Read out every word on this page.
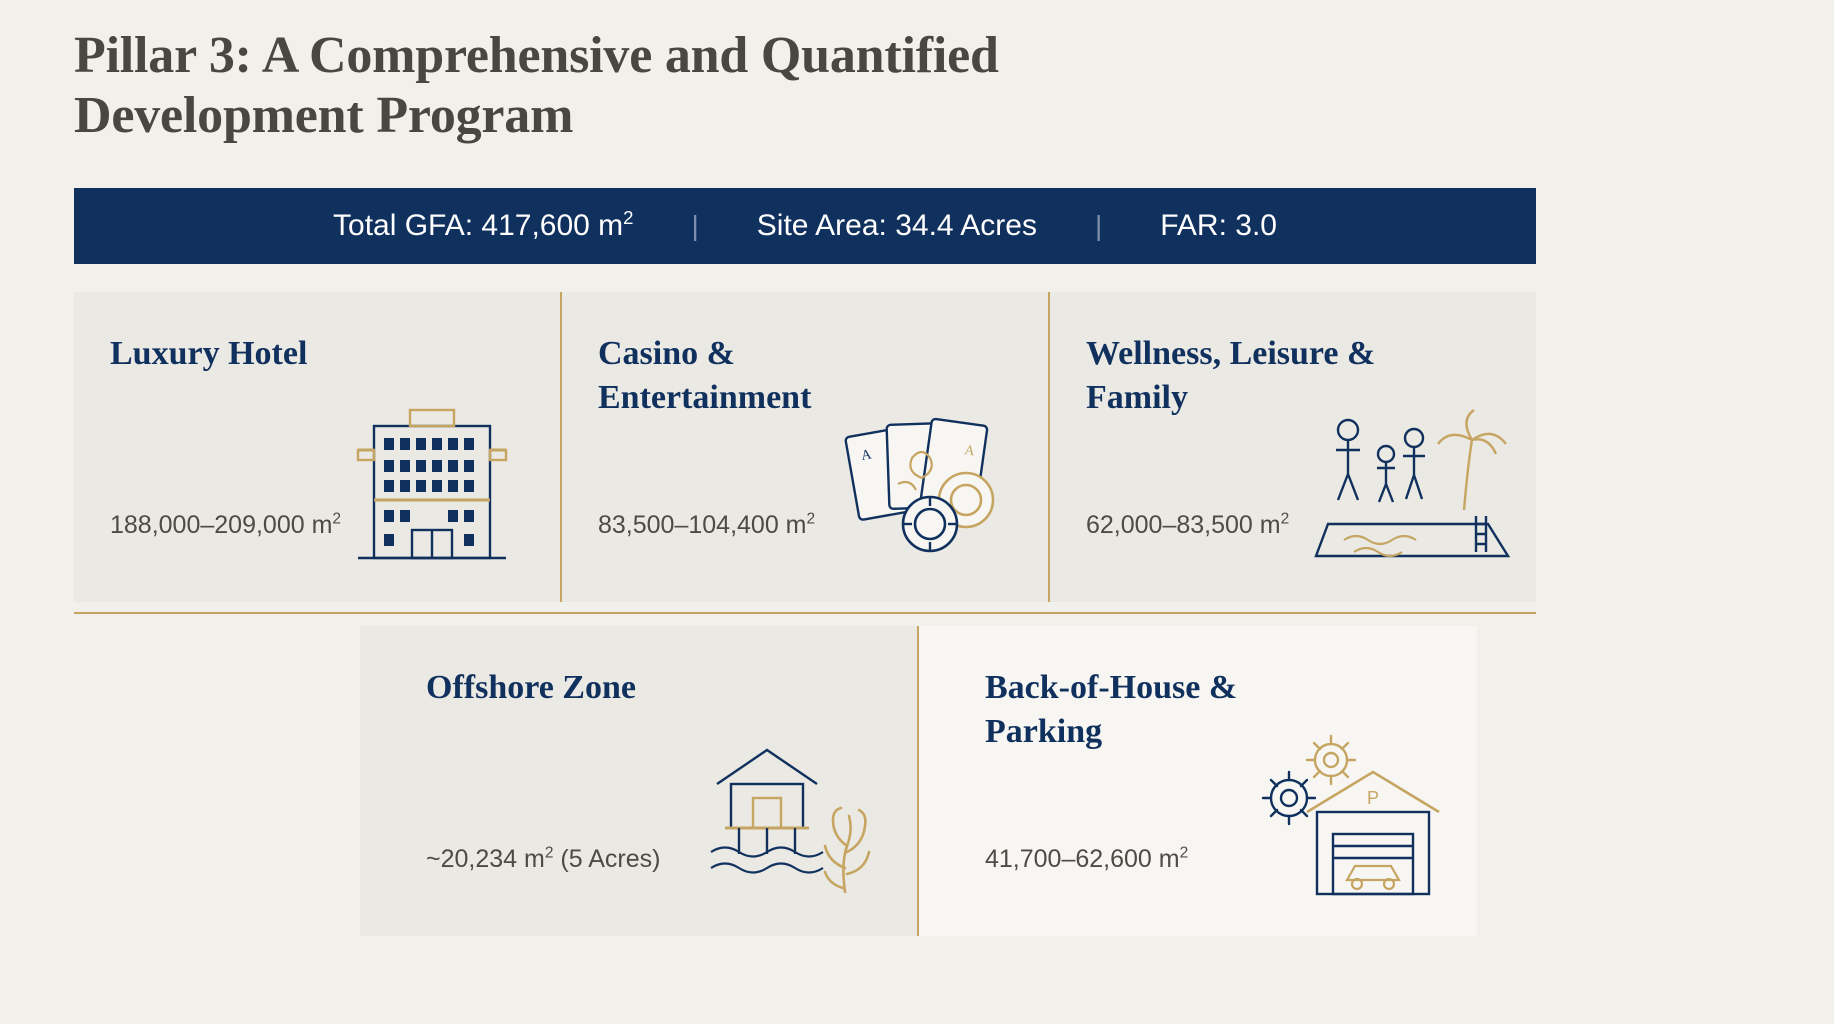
Pillar 3: A Comprehensive and Quantified Development Program
Total GFA: 417,600 $m^2$	|	Site Area: 34.4 Acres	|	FAR: 3.0
Luxury Hotel
188,000–209,000 $m^2$
Casino & Entertainment
83,500–104,400 $m^2$
A	A
Wellness, Leisure & Family
62,000–83,500 $m^2$
Offshore Zone
~20,234 $m^2$ (5 Acres)
Back-of-House & Parking
41,700–62,600 $m^2$
P
